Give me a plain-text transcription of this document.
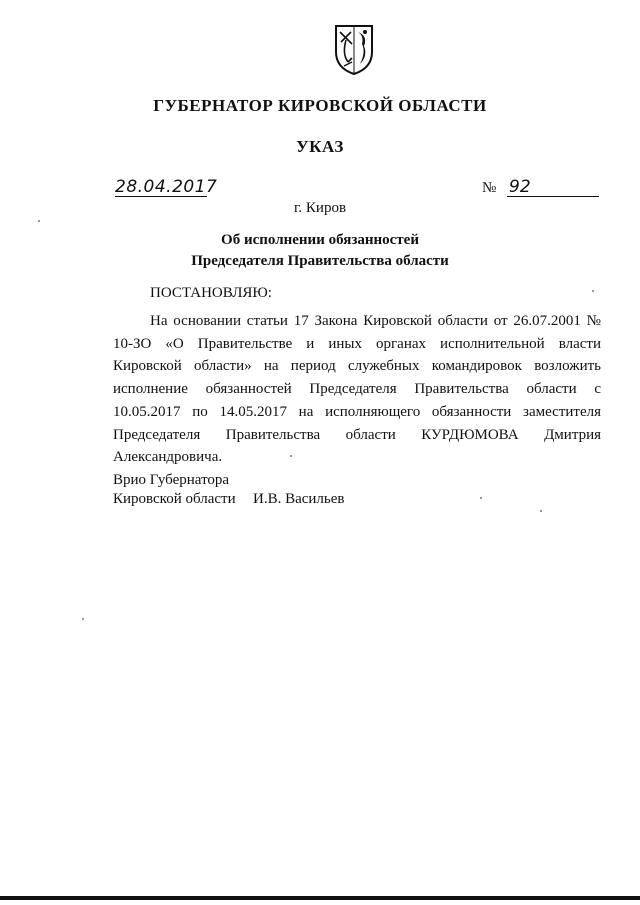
ГУБЕРНАТОР КИРОВСКОЙ ОБЛАСТИ
УКАЗ
28.04.2017	№ 92
г. Киров
Об исполнении обязанностей
Председателя Правительства области
ПОСТАНОВЛЯЮ:

На основании статьи 17 Закона Кировской области от 26.07.2001 № 10-ЗО «О Правительстве и иных органах исполнительной власти Кировской области» на период служебных командировок возложить исполнение обязанностей Председателя Правительства области с 10.05.2017 по 14.05.2017 на исполняющего обязанности заместителя Председателя Правительства области КУРДЮМОВА Дмитрия Александровича.

Врио Губернатора
Кировской области И.В. Васильев
